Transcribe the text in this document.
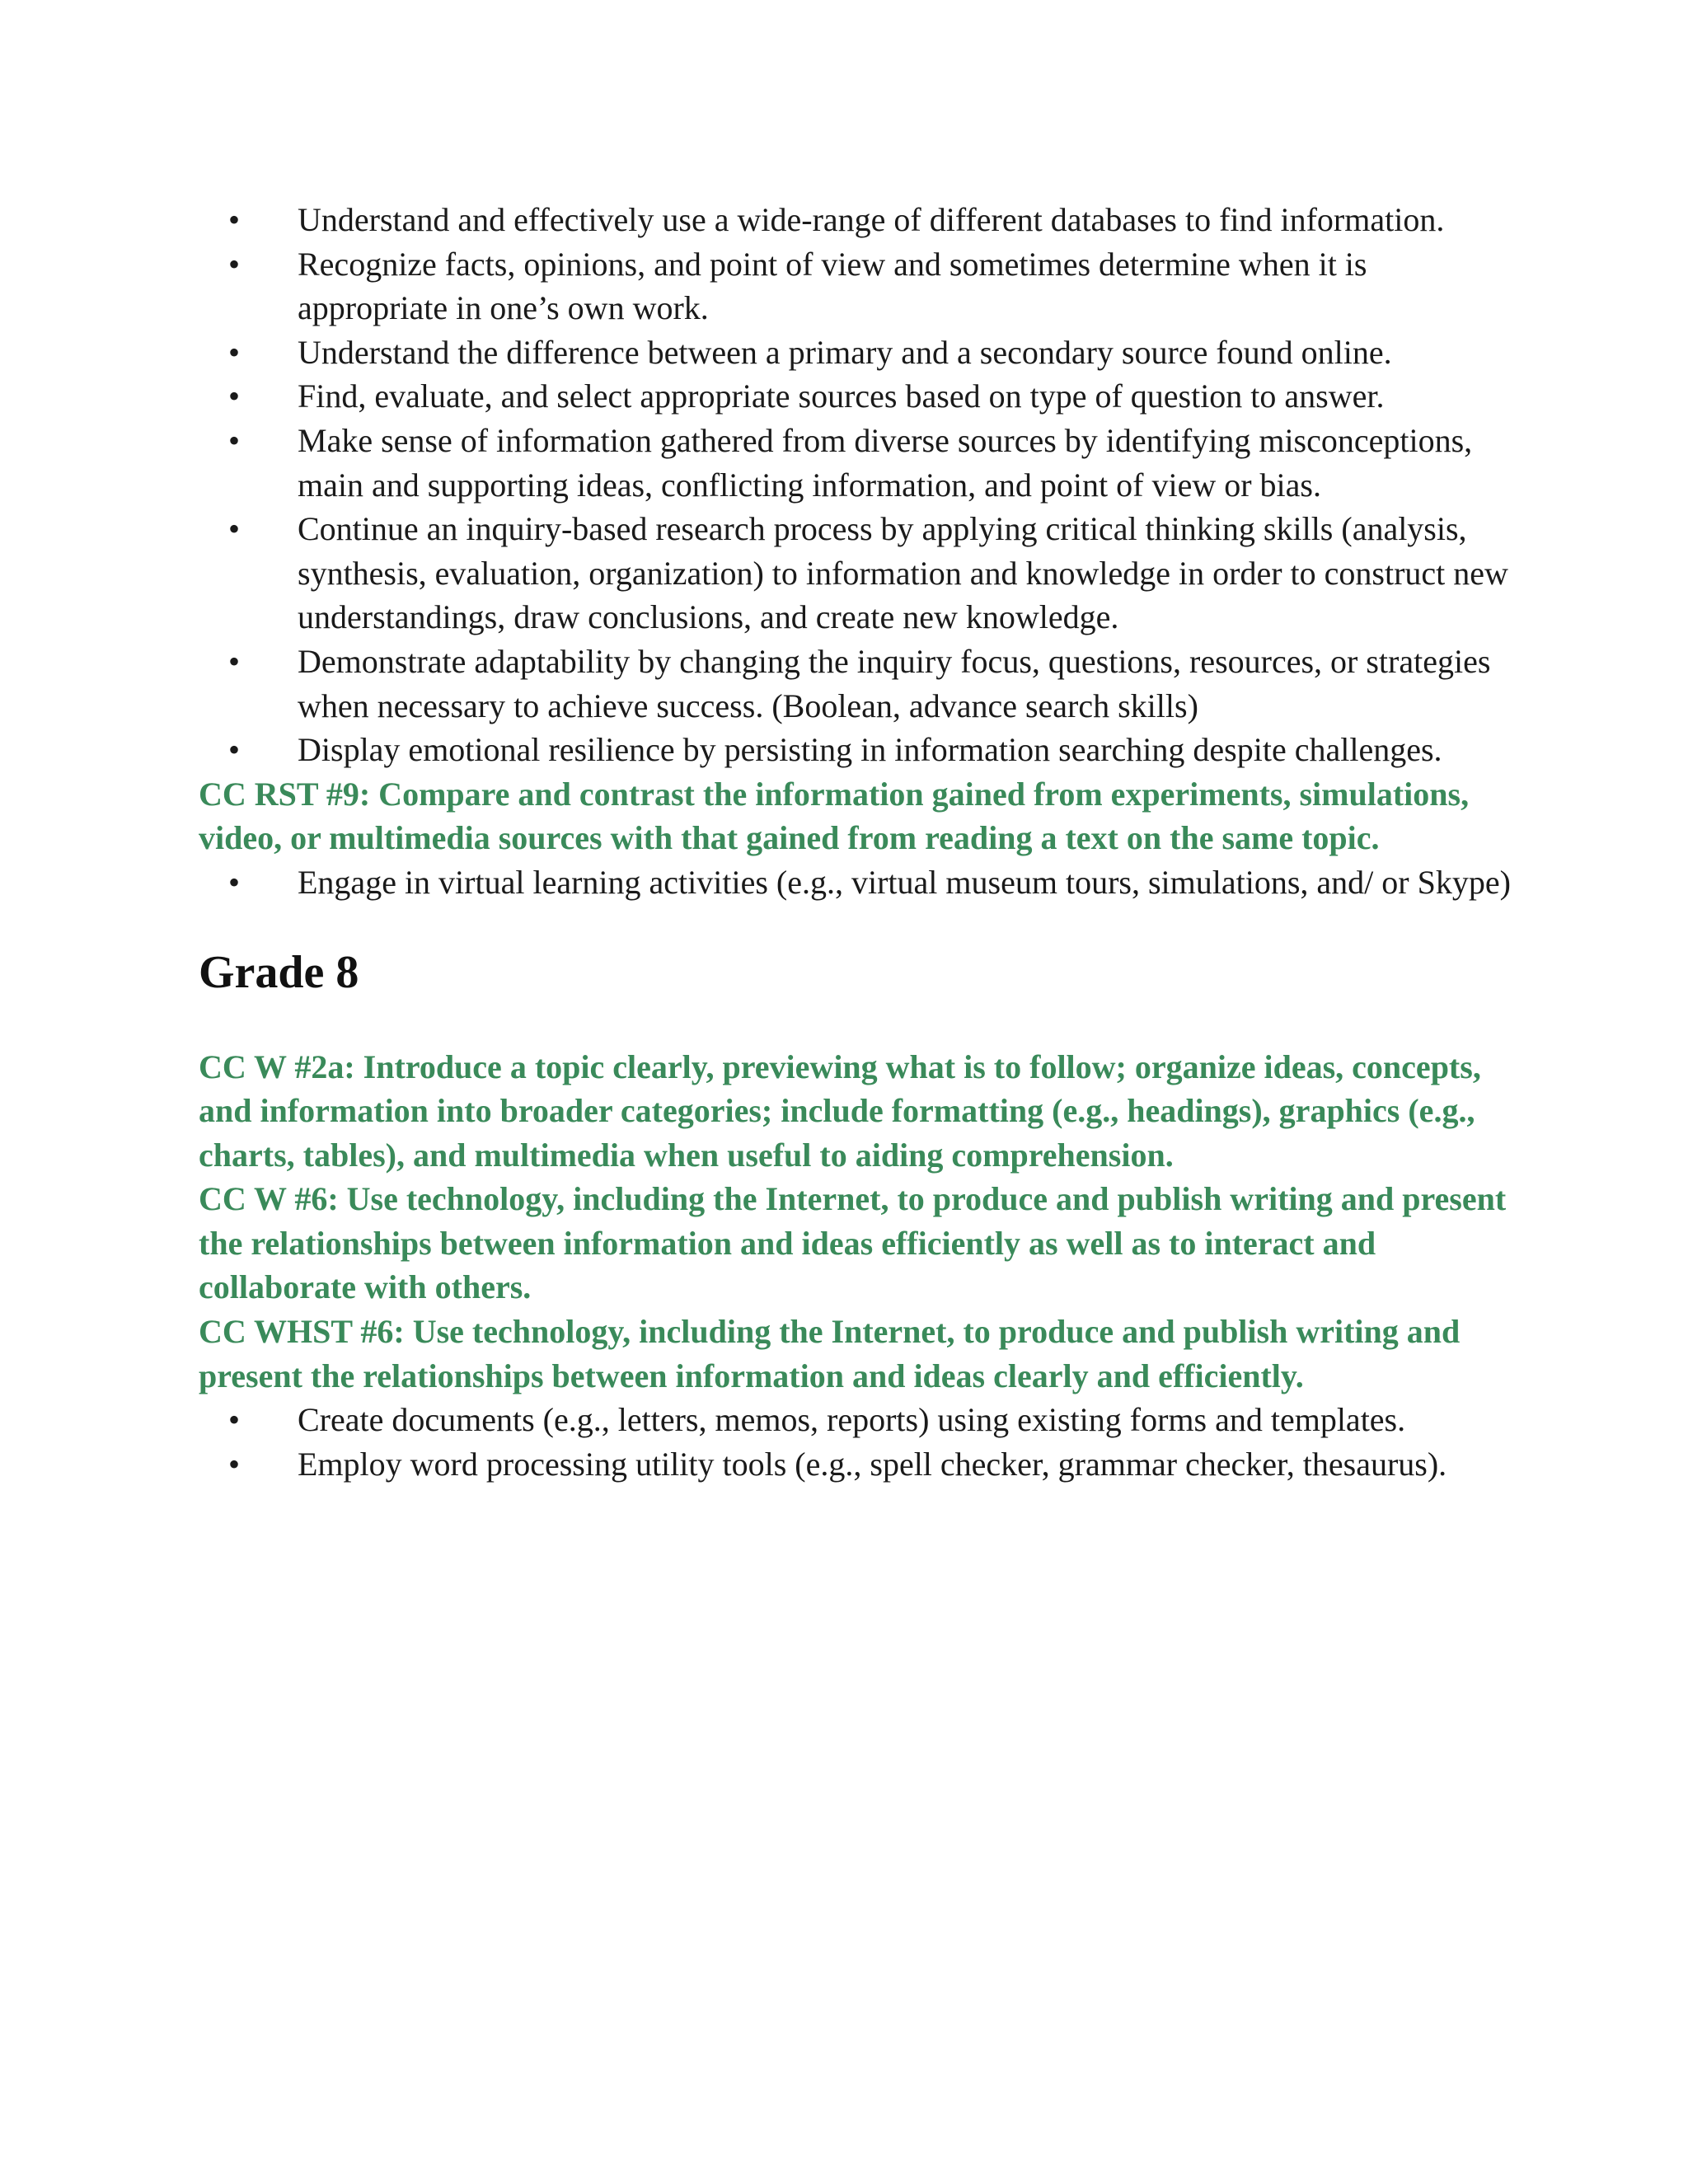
• Understand and effectively use a wide-range of different databases to find information.
• Recognize facts, opinions, and point of view and sometimes determine when it is appropriate in one’s own work.
• Understand the difference between a primary and a secondary source found online.
• Find, evaluate, and select appropriate sources based on type of question to answer.
• Make sense of information gathered from diverse sources by identifying misconceptions, main and supporting ideas, conflicting information, and point of view or bias.
• Continue an inquiry-based research process by applying critical thinking skills (analysis, synthesis, evaluation, organization) to information and knowledge in order to construct new understandings, draw conclusions, and create new knowledge.
• Demonstrate adaptability by changing the inquiry focus, questions, resources, or strategies when necessary to achieve success. (Boolean, advance search skills)
• Display emotional resilience by persisting in information searching despite challenges.

CC RST #9: Compare and contrast the information gained from experiments, simulations, video, or multimedia sources with that gained from reading a text on the same topic.

• Engage in virtual learning activities (e.g., virtual museum tours, simulations, and/ or Skype)
Grade 8

CC W #2a: Introduce a topic clearly, previewing what is to follow; organize ideas, concepts, and information into broader categories; include formatting (e.g., headings), graphics (e.g., charts, tables), and multimedia when useful to aiding comprehension.

CC W #6: Use technology, including the Internet, to produce and publish writing and present the relationships between information and ideas efficiently as well as to interact and collaborate with others.

CC WHST #6: Use technology, including the Internet, to produce and publish writing and present the relationships between information and ideas clearly and efficiently.

• Create documents (e.g., letters, memos, reports) using existing forms and templates.
• Employ word processing utility tools (e.g., spell checker, grammar checker, thesaurus).
